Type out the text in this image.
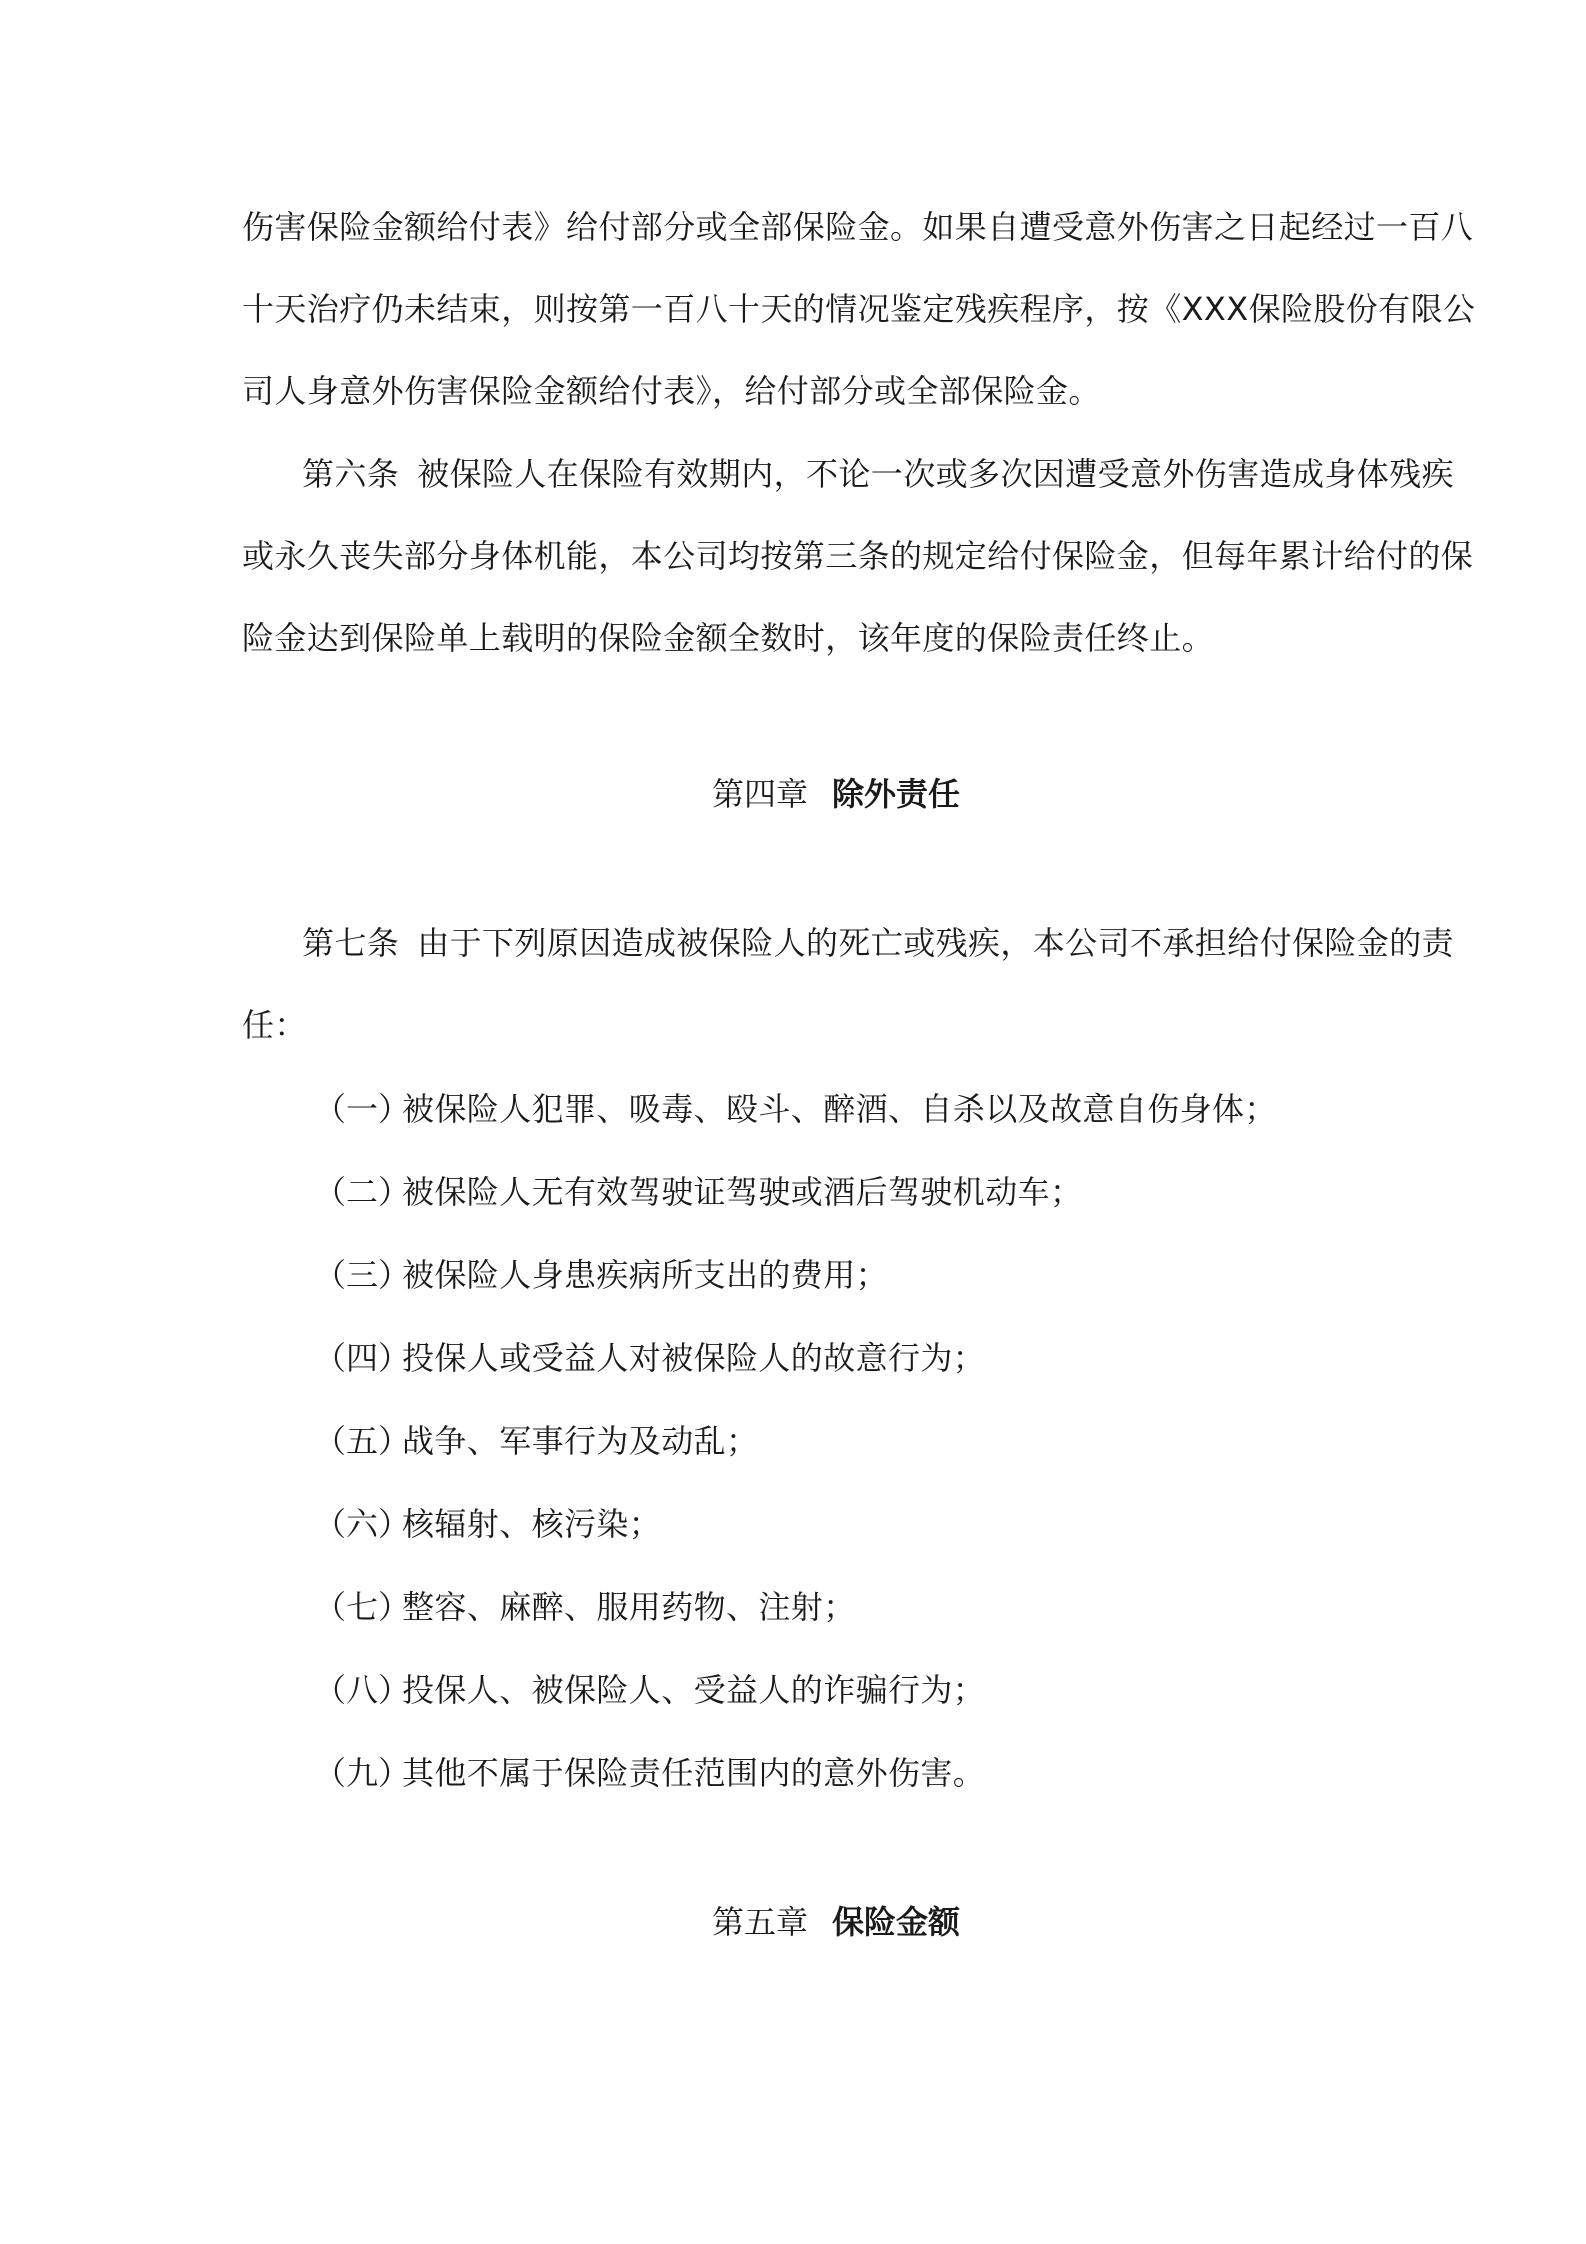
伤害保险金额给付表》给付部分或全部保险金。如果自遭受意外伤害之日起经过一百八
十天治疗仍未结束，则按第一百八十天的情况鉴定残疾程序，按《XXX保险股份有限公
司人身意外伤害保险金额给付表》，给付部分或全部保险金。
第六条 被保险人在保险有效期内，不论一次或多次因遭受意外伤害造成身体残疾
或永久丧失部分身体机能，本公司均按第三条的规定给付保险金，但每年累计给付的保
险金达到保险单上载明的保险金额全数时，该年度的保险责任终止。
第四章 除外责任
第七条 由于下列原因造成被保险人的死亡或残疾，本公司不承担给付保险金的责
任：
（一）
被保险人犯罪、吸毒、殴斗、醉酒、自杀以及故意自伤身体；
（二）
被保险人无有效驾驶证驾驶或酒后驾驶机动车；
（三）
被保险人身患疾病所支出的费用；
（四）
投保人或受益人对被保险人的故意行为；
（五）
战争、军事行为及动乱；
（六）
核辐射、核污染；
（七）
整容、麻醉、服用药物、注射；
（八）
投保人、被保险人、受益人的诈骗行为；
（九）
其他不属于保险责任范围内的意外伤害。
第五章 保险金额
